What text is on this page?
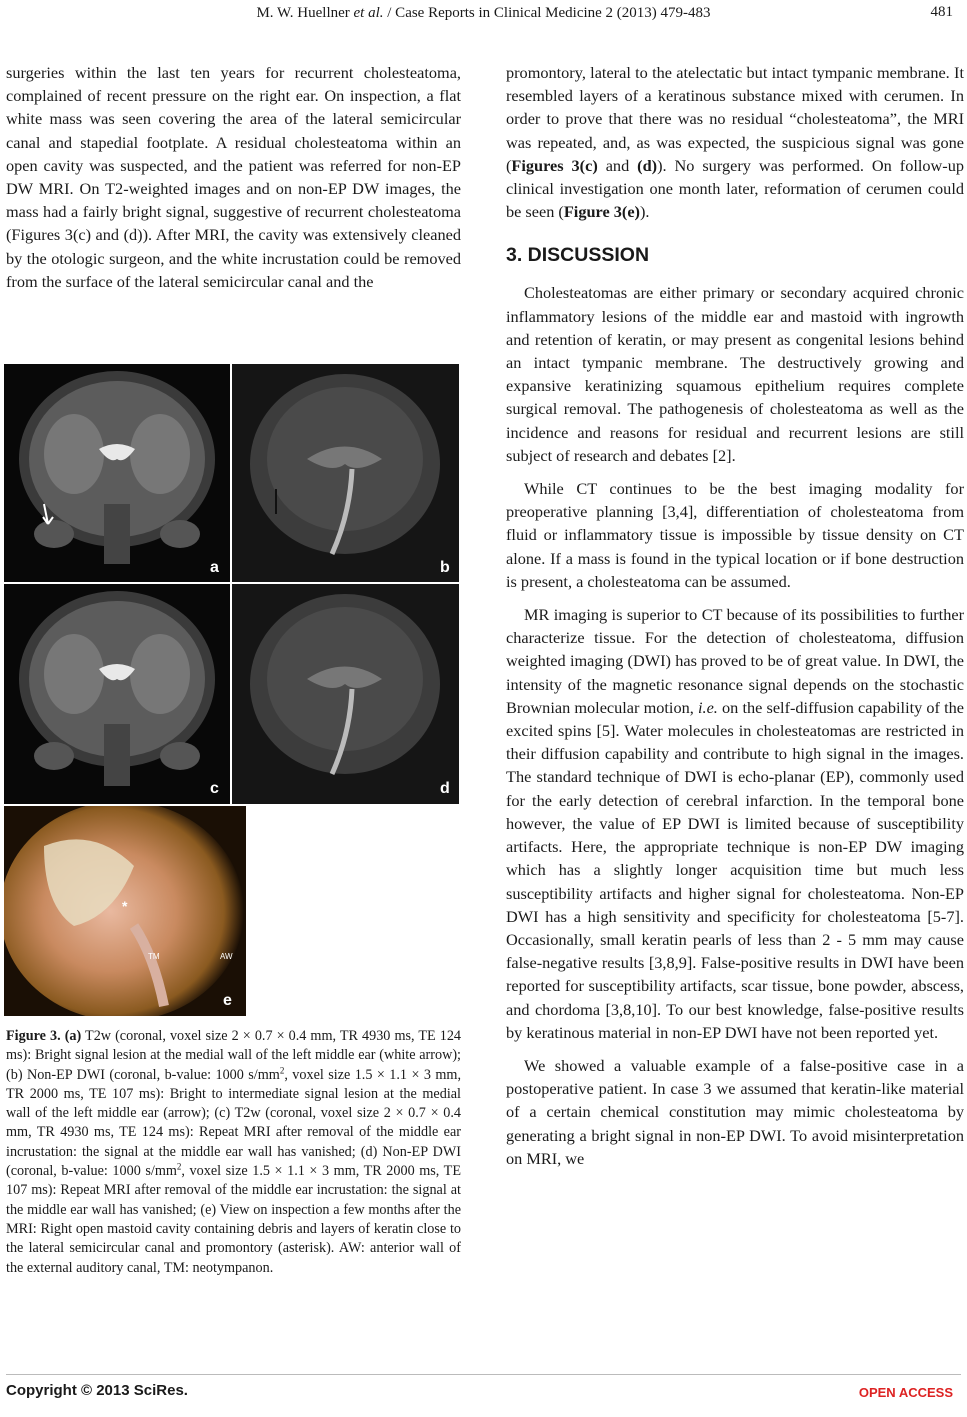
M. W. Huellner et al. / Case Reports in Clinical Medicine 2 (2013) 479-483	481

surgeries within the last ten years for recurrent cholesteatoma, complained of recent pressure on the right ear. On inspection, a flat white mass was seen covering the area of the lateral semicircular canal and stapedial footplate. A residual cholesteatoma within an open cavity was suspected, and the patient was referred for non-EP DW MRI. On T2-weighted images and on non-EP DW images, the mass had a fairly bright signal, suggestive of recurrent cholesteatoma (Figures 3(c) and (d)). After MRI, the cavity was extensively cleaned by the otologic surgeon, and the white incrustation could be removed from the surface of the lateral semicircular canal and the

a	b
c	d
*
AW
TM
e
Figure 3. (a) T2w (coronal, voxel size 2 × 0.7 × 0.4 mm, TR 4930 ms, TE 124 ms): Bright signal lesion at the medial wall of the left middle ear (white arrow); (b) Non-EP DWI (coronal, b-value: 1000 $s/mm^2$, voxel size 1.5 × 1.1 × 3 mm, TR 2000 ms, TE 107 ms): Bright to intermediate signal lesion at the medial wall of the left middle ear (arrow); (c) T2w (coronal, voxel size 2 × 0.7 × 0.4 mm, TR 4930 ms, TE 124 ms): Repeat MRI after removal of the middle ear incrustation: the signal at the middle ear wall has vanished; (d) Non-EP DWI (coronal, b-value: 1000 $s/mm^2$, voxel size 1.5 × 1.1 × 3 mm, TR 2000 ms, TE 107 ms): Repeat MRI after removal of the middle ear incrustation: the signal at the middle ear wall has vanished; (e) View on inspection a few months after the MRI: Right open mastoid cavity containing debris and layers of keratin close to the lateral semicircular canal and promontory (asterisk). AW: anterior wall of the external auditory canal, TM: neotympanon.

promontory, lateral to the atelectatic but intact tympanic membrane. It resembled layers of a keratinous substance mixed with cerumen. In order to prove that there was no residual “cholesteatoma”, the MRI was repeated, and, as was expected, the suspicious signal was gone (Figures 3(c) and (d)). No surgery was performed. On follow-up clinical investigation one month later, reformation of cerumen could be seen (Figure 3(e)).

3. DISCUSSION

Cholesteatomas are either primary or secondary acquired chronic inflammatory lesions of the middle ear and mastoid with ingrowth and retention of keratin, or may present as congenital lesions behind an intact tympanic membrane. The destructively growing and expansive keratinizing squamous epithelium requires complete surgical removal. The pathogenesis of cholesteatoma as well as the incidence and reasons for residual and recurrent lesions are still subject of research and debates [2].

While CT continues to be the best imaging modality for preoperative planning [3,4], differentiation of cholesteatoma from fluid or inflammatory tissue is impossible by tissue density on CT alone. If a mass is found in the typical location or if bone destruction is present, a cholesteatoma can be assumed.

MR imaging is superior to CT because of its possibilities to further characterize tissue. For the detection of cholesteatoma, diffusion weighted imaging (DWI) has proved to be of great value. In DWI, the intensity of the magnetic resonance signal depends on the stochastic Brownian molecular motion, i.e. on the self-diffusion capability of the excited spins [5]. Water molecules in cholesteatomas are restricted in their diffusion capability and contribute to high signal in the images. The standard technique of DWI is echo-planar (EP), commonly used for the early detection of cerebral infarction. In the temporal bone however, the value of EP DWI is limited because of susceptibility artifacts. Here, the appropriate technique is non-EP DW imaging which has a slightly longer acquisition time but much less susceptibility artifacts and higher signal for cholesteatoma. Non-EP DWI has a high sensitivity and specificity for cholesteatoma [5-7]. Occasionally, small keratin pearls of less than 2 - 5 mm may cause false-negative results [3,8,9]. False-positive results in DWI have been reported for susceptibility artifacts, scar tissue, bone powder, abscess, and chordoma [3,8,10]. To our best knowledge, false-positive results by keratinous material in non-EP DWI have not been reported yet.

We showed a valuable example of a false-positive case in a postoperative patient. In case 3 we assumed that keratin-like material of a certain chemical constitution may mimic cholesteatoma by generating a bright signal in non-EP DWI. To avoid misinterpretation on MRI, we

Copyright © 2013 SciRes.	OPEN ACCESS
